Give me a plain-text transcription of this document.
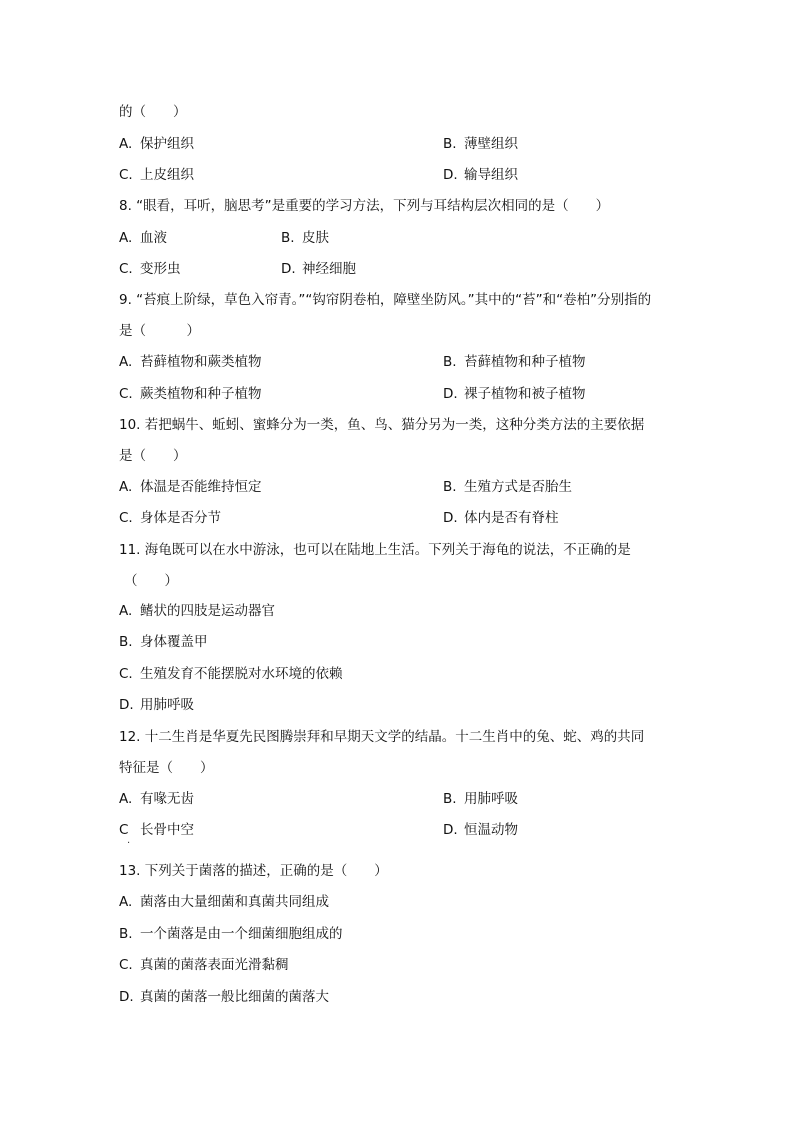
的（　　）
A. 保护组织	B. 薄壁组织
C. 上皮组织	D. 输导组织
8. “眼看，耳听，脑思考”是重要的学习方法，下列与耳结构层次相同的是（　　）
A. 血液	B. 皮肤
C. 变形虫	D. 神经细胞
9. “苔痕上阶绿，草色入帘青。”“钩帘阴卷柏，障壁坐防风。”其中的“苔”和“卷柏”分别指的
是（　　　）
A. 苔藓植物和蕨类植物	B. 苔藓植物和种子植物
C. 蕨类植物和种子植物	D. 裸子植物和被子植物
10. 若把蜗牛、蚯蚓、蜜蜂分为一类，鱼、鸟、猫分另为一类，这种分类方法的主要依据
是（　　）
A. 体温是否能维持恒定	B. 生殖方式是否胎生
C. 身体是否分节	D. 体内是否有脊柱
11. 海龟既可以在水中游泳，也可以在陆地上生活。下列关于海龟的说法，不正确的是
（　　）
A. 鳍状的四肢是运动器官
B. 身体覆盖甲
C. 生殖发育不能摆脱对水环境的依赖
D. 用肺呼吸
12. 十二生肖是华夏先民图腾崇拜和早期天文学的结晶。十二生肖中的兔、蛇、鸡的共同
特征是（　　）
A. 有喙无齿	B. 用肺呼吸
C 长骨中空	D. 恒温动物
·
13. 下列关于菌落的描述，正确的是（　　）
A. 菌落由大量细菌和真菌共同组成
B. 一个菌落是由一个细菌细胞组成的
C. 真菌的菌落表面光滑黏稠
D. 真菌的菌落一般比细菌的菌落大
